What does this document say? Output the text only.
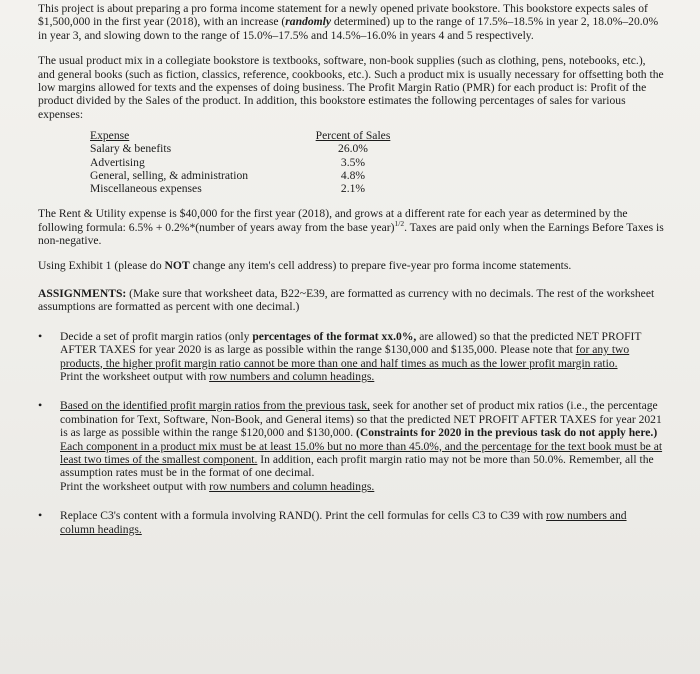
This project is about preparing a pro forma income statement for a newly opened private bookstore. This bookstore expects sales of $1,500,000 in the first year (2018), with an increase (randomly determined) up to the range of 17.5%–18.5% in year 2, 18.0%–20.0% in year 3, and slowing down to the range of 15.0%–17.5% and 14.5%–16.0% in years 4 and 5 respectively.

The usual product mix in a collegiate bookstore is textbooks, software, non-book supplies (such as clothing, pens, notebooks, etc.), and general books (such as fiction, classics, reference, cookbooks, etc.). Such a product mix is usually necessary for offsetting both the low margins allowed for texts and the expenses of doing business. The Profit Margin Ratio (PMR) for each product is: Profit of the product divided by the Sales of the product. In addition, this bookstore estimates the following percentages of sales for various expenses:

Expense	Percent of Sales
Salary & benefits	26.0%
Advertising	3.5%
General, selling, & administration	4.8%
Miscellaneous expenses	2.1%

The Rent & Utility expense is $40,000 for the first year (2018), and grows at a different rate for each year as determined by the following formula: 6.5% + 0.2%*(number of years away from the base year)$^{1/2}$. Taxes are paid only when the Earnings Before Taxes is non-negative.

Using Exhibit 1 (please do NOT change any item's cell address) to prepare five-year pro forma income statements.

ASSIGNMENTS: (Make sure that worksheet data, B22~E39, are formatted as currency with no decimals. The rest of the worksheet assumptions are formatted as percent with one decimal.)

• Decide a set of profit margin ratios (only percentages of the format xx.0%, are allowed) so that the predicted NET PROFIT AFTER TAXES for year 2020 is as large as possible within the range $130,000 and $135,000. Please note that for any two products, the higher profit margin ratio cannot be more than one and half times as much as the lower profit margin ratio.
Print the worksheet output with row numbers and column headings.
• Based on the identified profit margin ratios from the previous task, seek for another set of product mix ratios (i.e., the percentage combination for Text, Software, Non-Book, and General items) so that the predicted NET PROFIT AFTER TAXES for year 2021 is as large as possible within the range $120,000 and $130,000. (Constraints for 2020 in the previous task do not apply here.)
Each component in a product mix must be at least 15.0% but no more than 45.0%, and the percentage for the text book must be at least two times of the smallest component. In addition, each profit margin ratio may not be more than 50.0%. Remember, all the assumption rates must be in the format of one decimal.
Print the worksheet output with row numbers and column headings.
• Replace C3's content with a formula involving RAND(). Print the cell formulas for cells C3 to C39 with row numbers and column headings.
